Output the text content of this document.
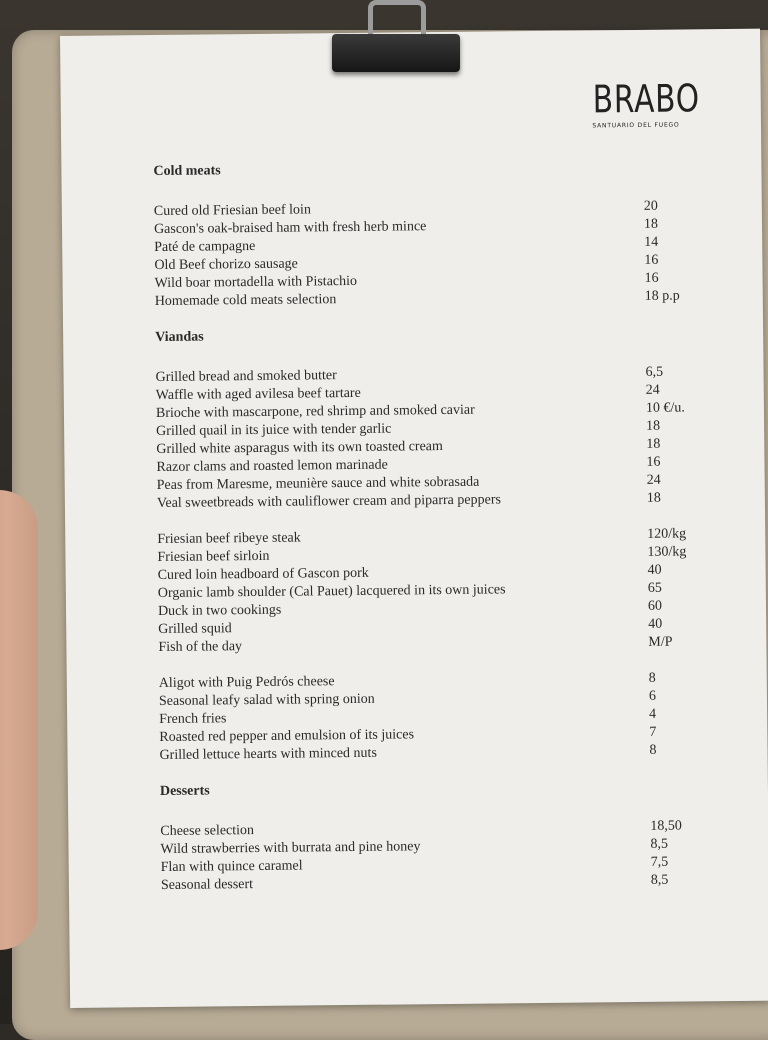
BRABO
SANTUARIO DEL FUEGO
Cold meats
Cured old Friesian beef loin	20
Gascon's oak-braised ham with fresh herb mince	18
Paté de campagne	14
Old Beef chorizo sausage	16
Wild boar mortadella with Pistachio	16
Homemade cold meats selection	18 p.p
Viandas
Grilled bread and smoked butter	6,5
Waffle with aged avilesa beef tartare	24
Brioche with mascarpone, red shrimp and smoked caviar	10 €/u.
Grilled quail in its juice with tender garlic	18
Grilled white asparagus with its own toasted cream	18
Razor clams and roasted lemon marinade	16
Peas from Maresme, meunière sauce and white sobrasada	24
Veal sweetbreads with cauliflower cream and piparra peppers	18
Friesian beef ribeye steak	120/kg
Friesian beef sirloin	130/kg
Cured loin headboard of Gascon pork	40
Organic lamb shoulder (Cal Pauet) lacquered in its own juices	65
Duck in two cookings	60
Grilled squid	40
Fish of the day	M/P
Aligot with Puig Pedrós cheese	8
Seasonal leafy salad with spring onion	6
French fries	4
Roasted red pepper and emulsion of its juices	7
Grilled lettuce hearts with minced nuts	8
Desserts
Cheese selection	18,50
Wild strawberries with burrata and pine honey	8,5
Flan with quince caramel	7,5
Seasonal dessert	8,5
